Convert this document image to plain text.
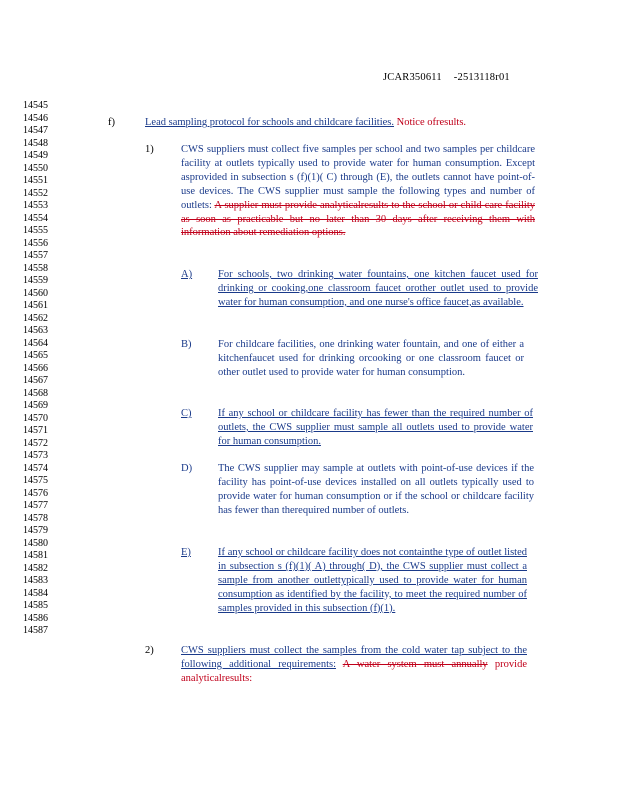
JCAR350611 -2513118r01
14545
14546
14547
14548
14549
14550
14551
14552
14553
14554
14555
14556
14557
14558
14559
14560
14561
14562
14563
14564
14565
14566
14567
14568
14569
14570
14571
14572
14573
14574
14575
14576
14577
14578
14579
14580
14581
14582
14583
14584
14585
14586
14587
f)	Lead sampling protocol for schools and childcare facilities. Notice ofresults.
1)	CWS suppliers must collect five samples per school and two samples per childcare facility at outlets typically used to provide water for human consumption. Except asprovided in subsection s (f)(1)( C) through (E), the outlets cannot have point-of-use devices. The CWS supplier must sample the following types and number of outlets: A supplier must provide analyticalresults to the school or child care facility as soon as practicable but no later than 30 days after receiving them with information about remediation options.
A) For schools, two drinking water fountains, one kitchen faucet used for drinking or cooking,one classroom faucet orother outlet used to provide water for human consumption, and one nurse's office faucet,as available.
B)	For childcare facilities, one drinking water fountain, and one of either a kitchenfaucet used for drinking orcooking or one classroom faucet or other outlet used to provide water for human consumption.
C)	If any school or childcare facility has fewer than the required number of outlets, the CWS supplier must sample all outlets used to provide water for human consumption.
D) The CWS supplier may sample at outlets with point-of-use devices if the facility has point-of-use devices installed on all outlets typically used to provide water for human consumption or if the school or childcare facility has fewer than therequired number of outlets.
E)	If any school or childcare facility does not containthe type of outlet listed in subsection s (f)(1)( A) through( D), the CWS supplier must collect a sample from another outlettypically used to provide water for human consumption as identified by the facility, to meet the required number of samples provided in this subsection (f)(1).
2)	CWS suppliers must collect the samples from the cold water tap subject to the following additional requirements: A water system must annually provide analyticalresults:
